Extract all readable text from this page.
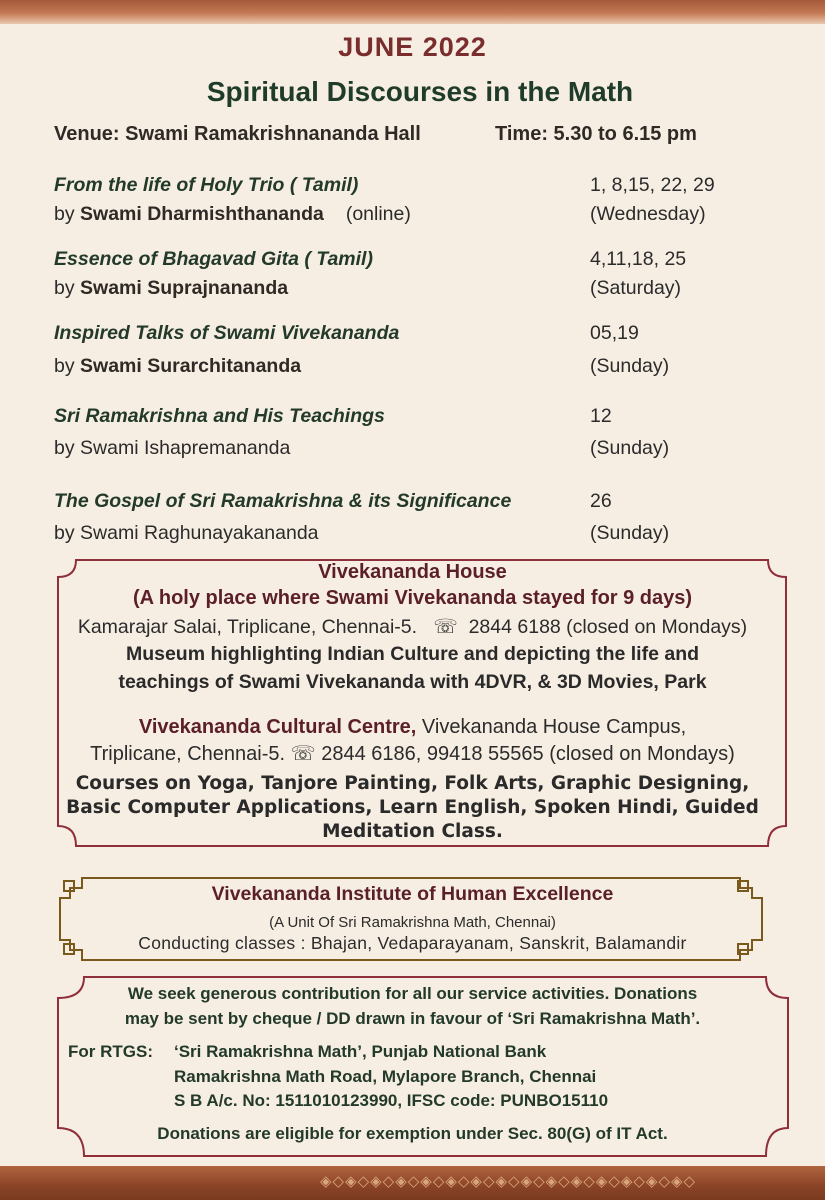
JUNE 2022
Spiritual Discourses in the Math
Venue: Swami Ramakrishnananda Hall	Time: 5.30 to 6.15 pm
From the life of Holy Trio ( Tamil)
by Swami Dharmishthananda (online)
1, 8,15, 22, 29
(Wednesday)
Essence of Bhagavad Gita ( Tamil)
by Swami Suprajnananda
4,11,18, 25
(Saturday)
Inspired Talks of Swami Vivekananda
by Swami Surarchitananda
05,19
(Sunday)
Sri Ramakrishna and His Teachings
by Swami Ishapremananda
12
(Sunday)
The Gospel of Sri Ramakrishna & its Significance
by Swami Raghunayakananda
26
(Sunday)
Vivekananda House
(A holy place where Swami Vivekananda stayed for 9 days)
Kamarajar Salai, Triplicane, Chennai-5. ☏ 2844 6188 (closed on Mondays)
Museum highlighting Indian Culture and depicting the life and
teachings of Swami Vivekananda with 4DVR, & 3D Movies, Park
Vivekananda Cultural Centre, Vivekananda House Campus,
Triplicane, Chennai-5. ☏ 2844 6186, 99418 55565 (closed on Mondays)
Courses on Yoga, Tanjore Painting, Folk Arts, Graphic Designing,
Basic Computer Applications, Learn English, Spoken Hindi, Guided
Meditation Class.
Vivekananda Institute of Human Excellence
(A Unit Of Sri Ramakrishna Math, Chennai)
Conducting classes : Bhajan, Vedaparayanam, Sanskrit, Balamandir
We seek generous contribution for all our service activities. Donations
may be sent by cheque / DD drawn in favour of ‘Sri Ramakrishna Math’.
For RTGS: ‘Sri Ramakrishna Math’, Punjab National Bank
Ramakrishna Math Road, Mylapore Branch, Chennai
S B A/c. No: 1511010123990, IFSC code: PUNBO15110
Donations are eligible for exemption under Sec. 80(G) of IT Act.
◈◇◈◇◈◇◈◇◈◇◈◇◈◇◈◇◈◇◈◇◈◇◈◇◈◇◈◇◈◇
